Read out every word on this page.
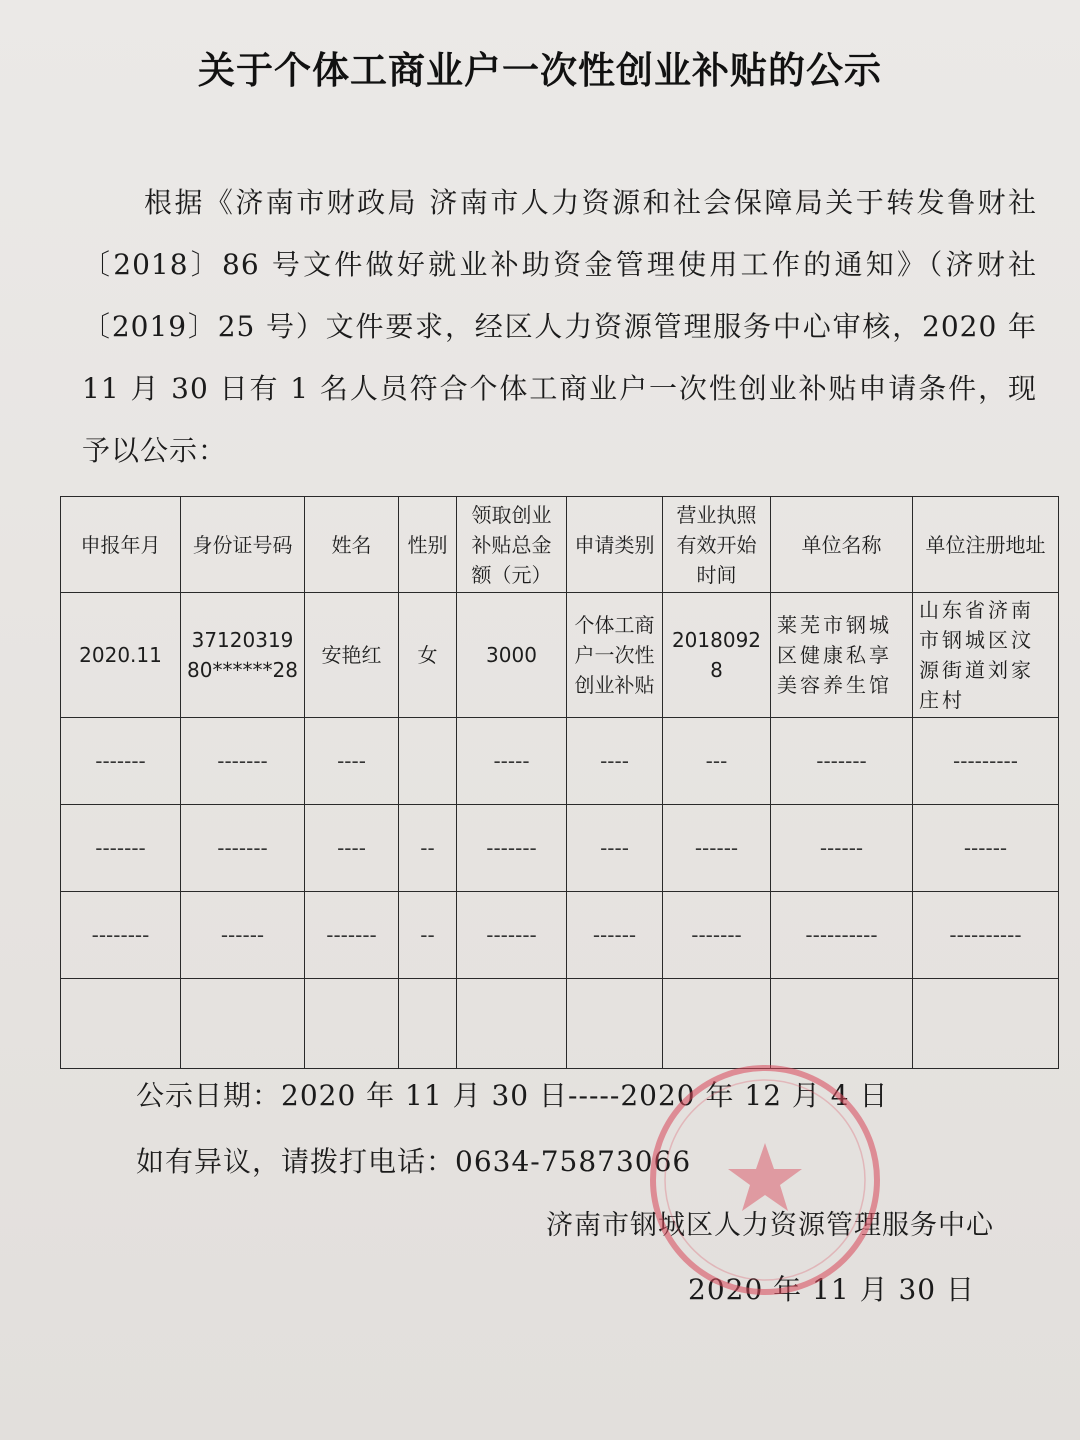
关于个体工商业户一次性创业补贴的公示
根据《济南市财政局 济南市人力资源和社会保障局关于转发鲁财社〔2018〕86 号文件做好就业补助资金管理使用工作的通知》（济财社〔2019〕25 号）文件要求，经区人力资源管理服务中心审核，2020 年 11 月 30 日有 1 名人员符合个体工商业户一次性创业补贴申请条件，现予以公示：
申报年月	身份证号码	姓名	性别	领取创业补贴总金额（元）	申请类别	营业执照有效开始时间	单位名称	单位注册地址
2020.11	3712031980******28	安艳红	女	3000	个体工商户一次性创业补贴	20180928	莱芜市钢城区健康私享美容养生馆	山东省济南市钢城区汶源街道刘家庄村
-------	-------	----		-----	----	---	-------	---------
-------	-------	----	--	-------	----	------	------	------
--------	------	-------	--	-------	------	-------	----------	----------

公示日期：2020 年 11 月 30 日-----2020 年 12 月 4 日
如有异议，请拨打电话：0634-75873066
济南市钢城区人力资源管理服务中心
2020 年 11 月 30 日
